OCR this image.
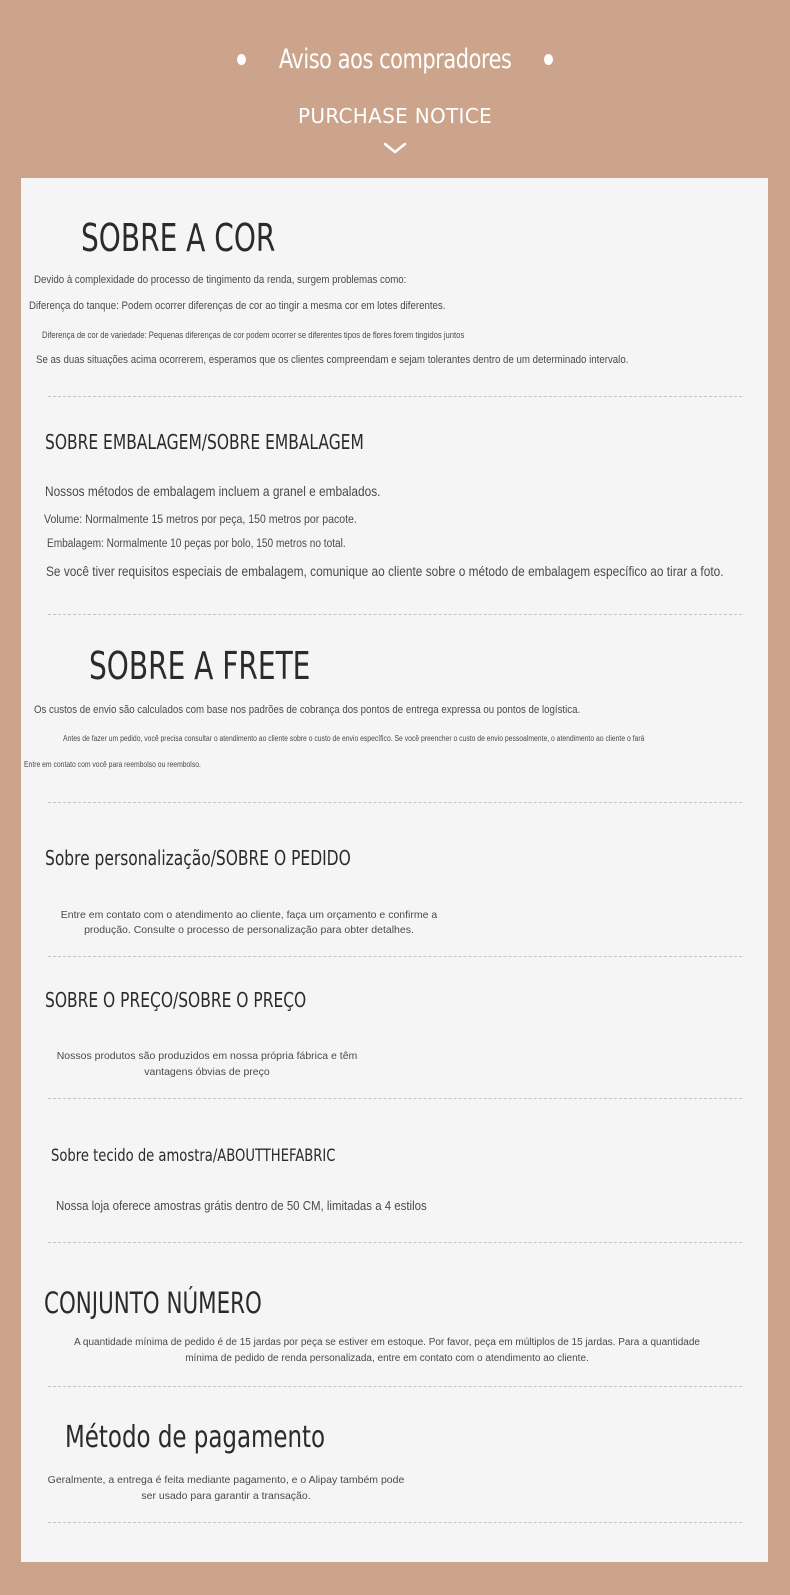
Aviso aos compradores
PURCHASE NOTICE
SOBRE A COR
Devido à complexidade do processo de tingimento da renda, surgem problemas como:
Diferença do tanque: Podem ocorrer diferenças de cor ao tingir a mesma cor em lotes diferentes.
Diferença de cor de variedade: Pequenas diferenças de cor podem ocorrer se diferentes tipos de flores forem tingidos juntos
Se as duas situações acima ocorrerem, esperamos que os clientes compreendam e sejam tolerantes dentro de um determinado intervalo.
SOBRE EMBALAGEM/SOBRE EMBALAGEM
Nossos métodos de embalagem incluem a granel e embalados.
Volume: Normalmente 15 metros por peça, 150 metros por pacote.
Embalagem: Normalmente 10 peças por bolo, 150 metros no total.
Se você tiver requisitos especiais de embalagem, comunique ao cliente sobre o método de embalagem específico ao tirar a foto.
SOBRE A FRETE
Os custos de envio são calculados com base nos padrões de cobrança dos pontos de entrega expressa ou pontos de logística.
Antes de fazer um pedido, você precisa consultar o atendimento ao cliente sobre o custo de envio específico. Se você preencher o custo de envio pessoalmente, o atendimento ao cliente o fará
Entre em contato com você para reembolso ou reembolso.
Sobre personalização/SOBRE O PEDIDO
Entre em contato com o atendimento ao cliente, faça um orçamento e confirme a produção. Consulte o processo de personalização para obter detalhes.
SOBRE O PREÇO/SOBRE O PREÇO
Nossos produtos são produzidos em nossa própria fábrica e têm vantagens óbvias de preço
Sobre tecido de amostra/ABOUTTHEFABRIC
Nossa loja oferece amostras grátis dentro de 50 CM, limitadas a 4 estilos
CONJUNTO NÚMERO
A quantidade mínima de pedido é de 15 jardas por peça se estiver em estoque. Por favor, peça em múltiplos de 15 jardas. Para a quantidade mínima de pedido de renda personalizada, entre em contato com o atendimento ao cliente.
Método de pagamento
Geralmente, a entrega é feita mediante pagamento, e o Alipay também pode ser usado para garantir a transação.
